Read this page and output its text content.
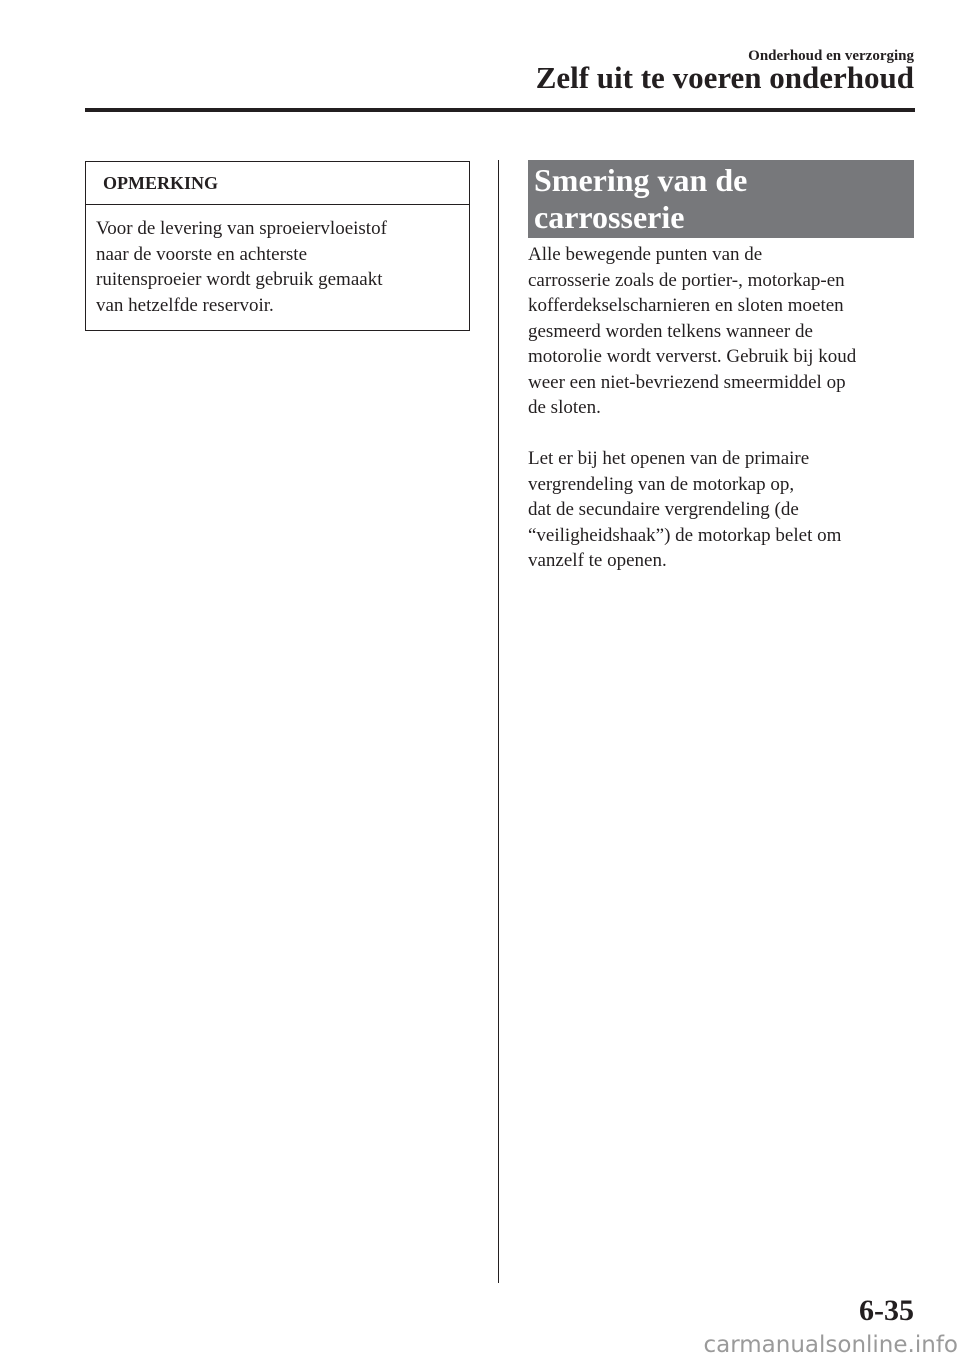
Onderhoud en verzorging
Zelf uit te voeren onderhoud
OPMERKING
Voor de levering van sproeiervloeistof
naar de voorste en achterste
ruitensproeier wordt gebruik gemaakt
van hetzelfde reservoir.
Smering van de
carrosserie
Alle bewegende punten van de
carrosserie zoals de portier-, motorkap-en
kofferdekselscharnieren en sloten moeten
gesmeerd worden telkens wanneer de
motorolie wordt ververst. Gebruik bij koud
weer een niet-bevriezend smeermiddel op
de sloten.
Let er bij het openen van de primaire
vergrendeling van de motorkap op,
dat de secundaire vergrendeling (de
“veiligheidshaak”) de motorkap belet om
vanzelf te openen.
6-35
carmanualsonline.info
